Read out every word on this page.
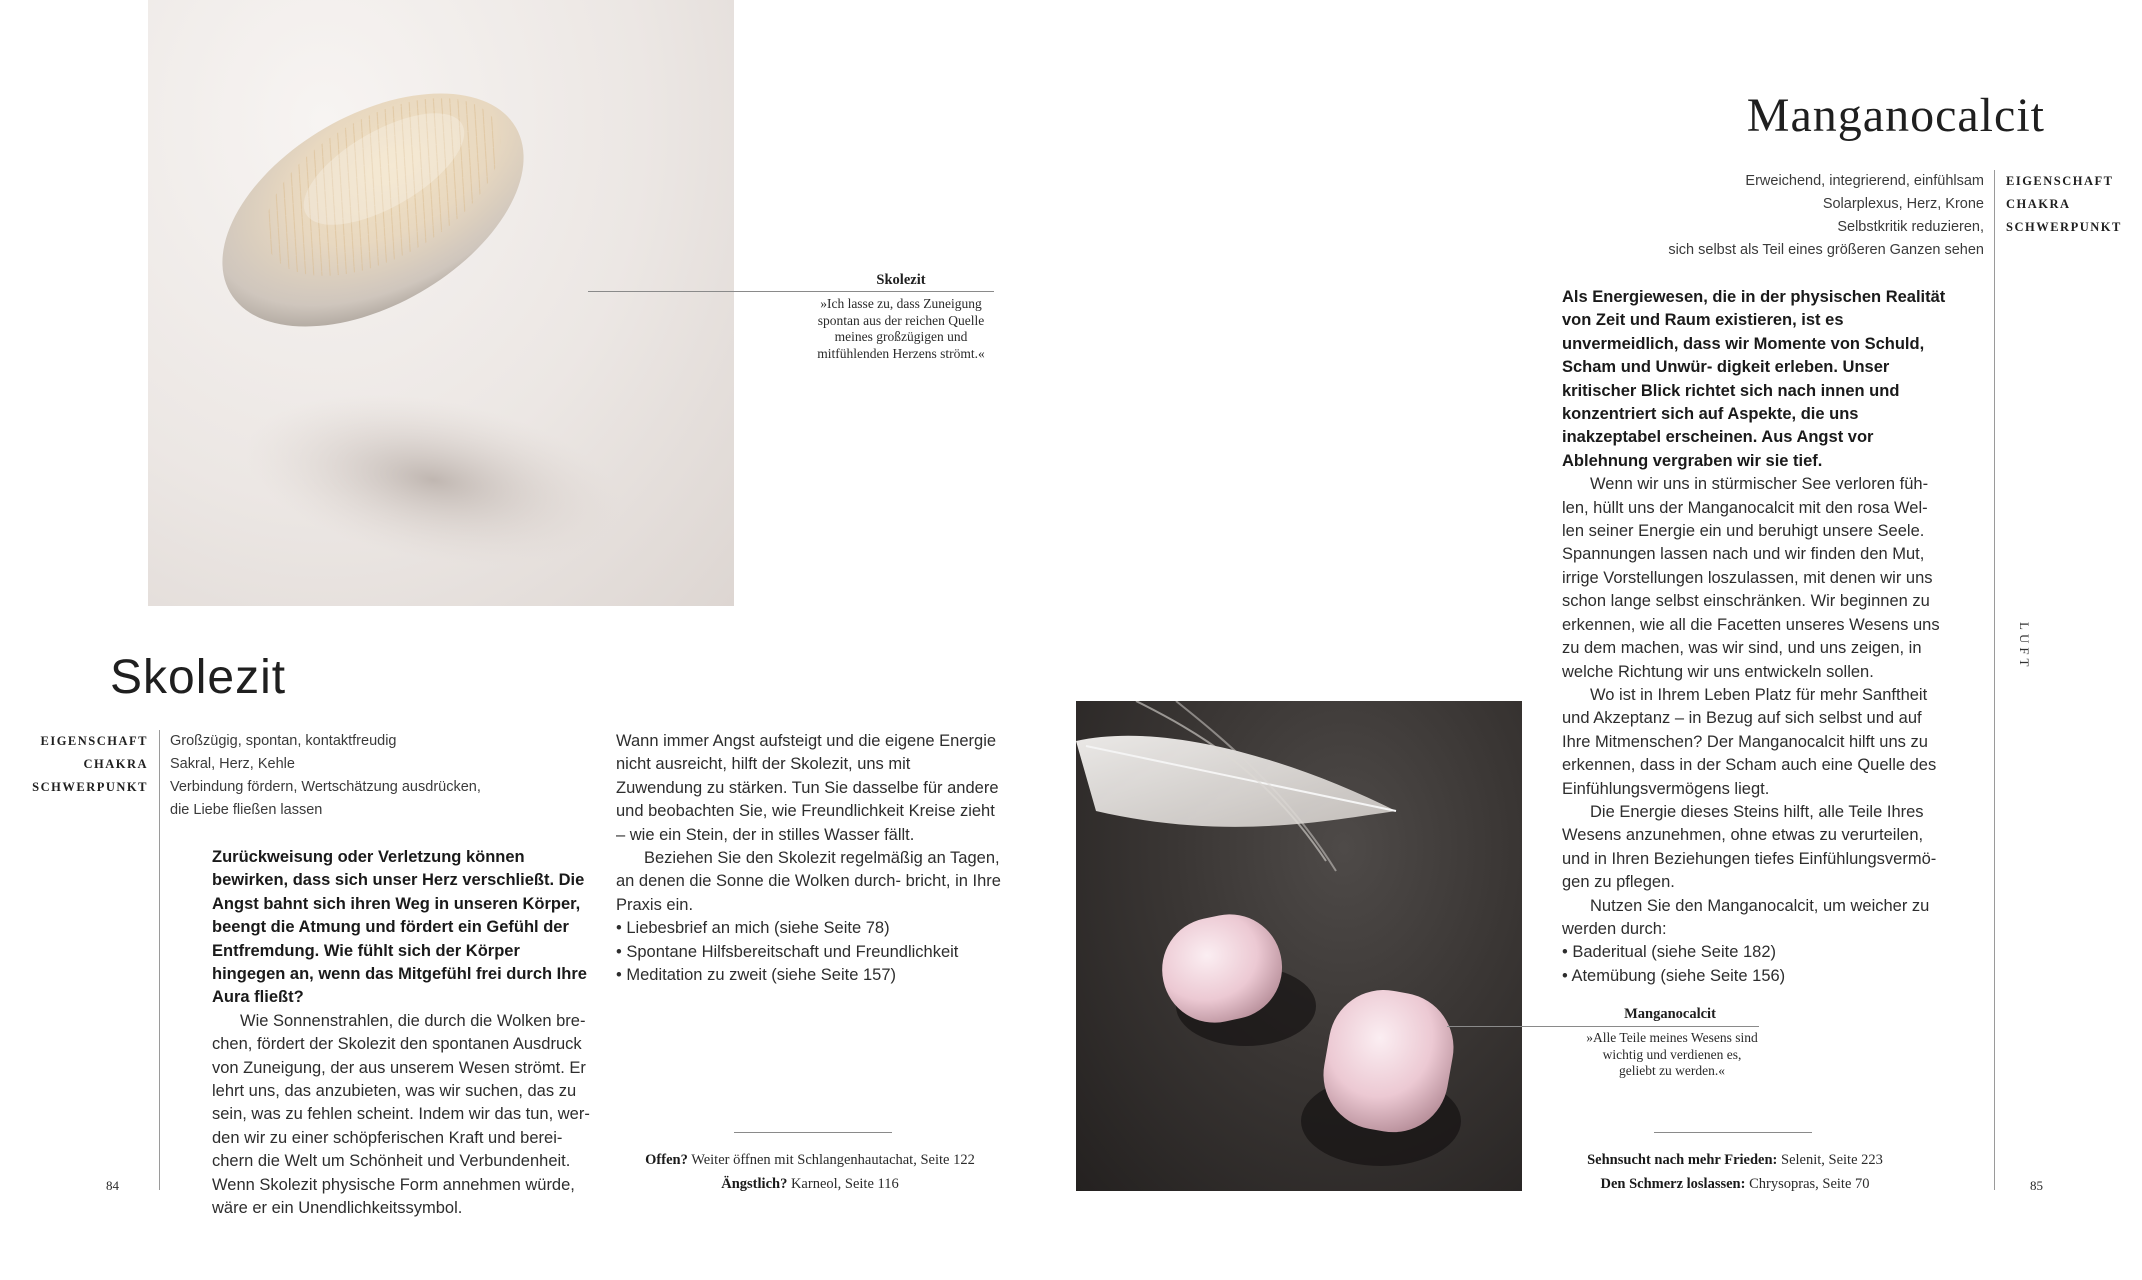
Skolezit
»Ich lasse zu, dass Zuneigung spontan aus der reichen Quelle meines großzügigen und mitfühlenden Herzens strömt.«
Skolezit
EIGENSCHAFT
CHAKRA
SCHWERPUNKT
Großzügig, spontan, kontaktfreudig
Sakral, Herz, Kehle
Verbindung fördern, Wertschätzung ausdrücken,
die Liebe fließen lassen

Zurückweisung oder Verletzung können bewirken, dass sich unser Herz verschließt. Die Angst bahnt sich ihren Weg in unseren Körper, beengt die Atmung und fördert ein Gefühl der Entfremdung. Wie fühlt sich der Körper hingegen an, wenn das Mitgefühl frei durch Ihre Aura fließt?

Wie Sonnenstrahlen, die durch die Wolken bre- chen, fördert der Skolezit den spontanen Ausdruck von Zuneigung, der aus unserem Wesen strömt. Er lehrt uns, das anzubieten, was wir suchen, das zu sein, was zu fehlen scheint. Indem wir das tun, wer- den wir zu einer schöpferischen Kraft und berei- chern die Welt um Schönheit und Verbundenheit. Wenn Skolezit physische Form annehmen würde, wäre er ein Unendlichkeitssymbol.

Wann immer Angst aufsteigt und die eigene Energie nicht ausreicht, hilft der Skolezit, uns mit Zuwendung zu stärken. Tun Sie dasselbe für andere und beobachten Sie, wie Freundlichkeit Kreise zieht – wie ein Stein, der in stilles Wasser fällt.

Beziehen Sie den Skolezit regelmäßig an Tagen, an denen die Sonne die Wolken durch- bricht, in Ihre Praxis ein.

• Liebesbrief an mich (siehe Seite 78)
• Spontane Hilfsbereitschaft und Freundlichkeit
• Meditation zu zweit (siehe Seite 157)
Offen? Weiter öffnen mit Schlangenhautachat, Seite 122
Ängstlich? Karneol, Seite 116
84
Manganocalcit
Erweichend, integrierend, einfühlsam
Solarplexus, Herz, Krone
Selbstkritik reduzieren,
sich selbst als Teil eines größeren Ganzen sehen
EIGENSCHAFT
CHAKRA
SCHWERPUNKT
LUFT

Als Energiewesen, die in der physischen Realität von Zeit und Raum existieren, ist es unvermeidlich, dass wir Momente von Schuld, Scham und Unwür- digkeit erleben. Unser kritischer Blick richtet sich nach innen und konzentriert sich auf Aspekte, die uns inakzeptabel erscheinen. Aus Angst vor Ablehnung vergraben wir sie tief.

Wenn wir uns in stürmischer See verloren füh- len, hüllt uns der Manganocalcit mit den rosa Wel- len seiner Energie ein und beruhigt unsere Seele. Spannungen lassen nach und wir finden den Mut, irrige Vorstellungen loszulassen, mit denen wir uns schon lange selbst einschränken. Wir beginnen zu erkennen, wie all die Facetten unseres Wesens uns zu dem machen, was wir sind, und uns zeigen, in welche Richtung wir uns entwickeln sollen.

Wo ist in Ihrem Leben Platz für mehr Sanftheit und Akzeptanz – in Bezug auf sich selbst und auf Ihre Mitmenschen? Der Manganocalcit hilft uns zu erkennen, dass in der Scham auch eine Quelle des Einfühlungsvermögens liegt.

Die Energie dieses Steins hilft, alle Teile Ihres Wesens anzunehmen, ohne etwas zu verurteilen, und in Ihren Beziehungen tiefes Einfühlungsvermö- gen zu pflegen.

Nutzen Sie den Manganocalcit, um weicher zu werden durch:

• Baderitual (siehe Seite 182)
• Atemübung (siehe Seite 156)
Manganocalcit
»Alle Teile meines Wesens sind wichtig und verdienen es, geliebt zu werden.«
Sehnsucht nach mehr Frieden: Selenit, Seite 223
Den Schmerz loslassen: Chrysopras, Seite 70	85
